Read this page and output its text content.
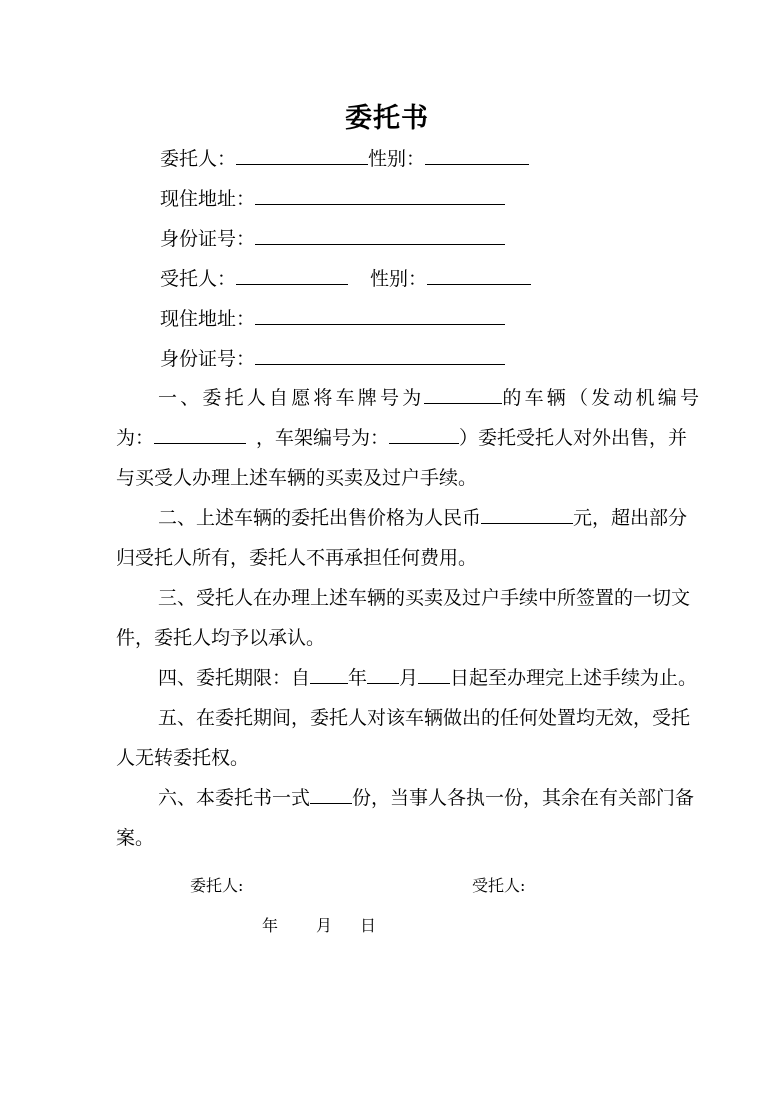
委托书
委托人：	性别：
现住地址：
身份证号：
受托人：	性别：
现住地址：
身份证号：
一、委托人自愿将车牌号为	的车辆（发动机编号
为：	，车架编号为：	）委托受托人对外出售，并
与买受人办理上述车辆的买卖及过户手续。
二、上述车辆的委托出售价格为人民币	元，超出部分
归受托人所有，委托人不再承担任何费用。
三、受托人在办理上述车辆的买卖及过户手续中所签置的一切文
件，委托人均予以承认。
四、委托期限：自 年 月 日起至办理完上述手续为止。
五、在委托期间，委托人对该车辆做出的任何处置均无效，受托
人无转委托权。
六、本委托书一式 份，当事人各执一份，其余在有关部门备
案。
委托人:	受托人:
年 月 日
